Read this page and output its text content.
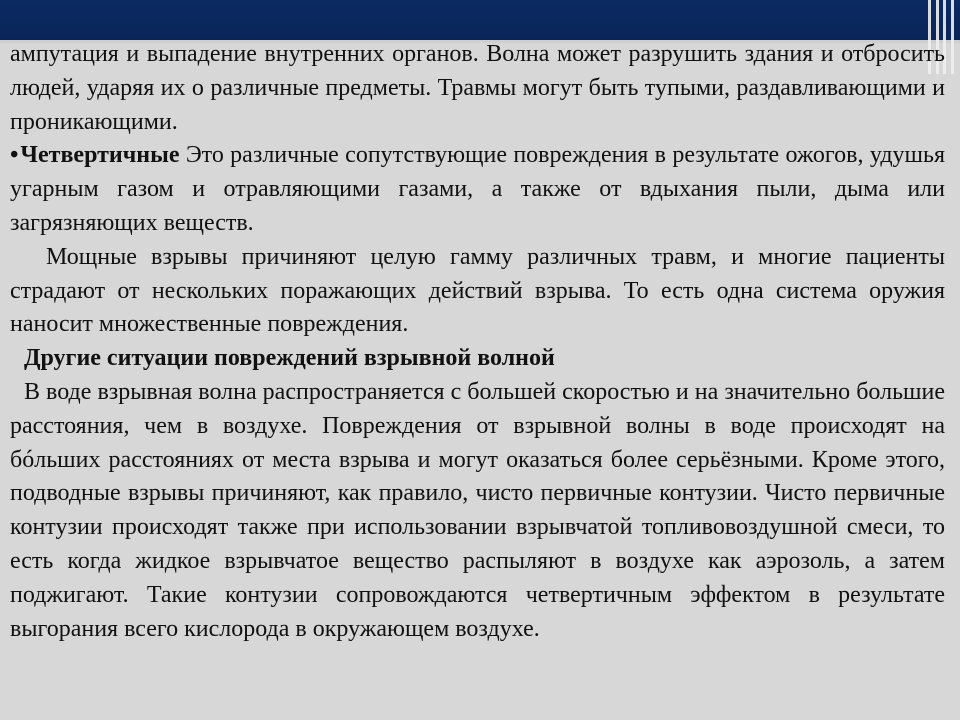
ампутация и выпадение внутренних органов. Волна может разрушить здания и отбросить людей, ударяя их о различные предметы. Травмы могут быть тупыми, раздавливающими и проникающими.

•Четвертичные Это различные сопутствующие повреждения в результате ожогов, удушья угарным газом и отравляющими газами, а также от вдыхания пыли, дыма или загрязняющих веществ.

Мощные взрывы причиняют целую гамму различных травм, и многие пациенты страдают от нескольких поражающих действий взрыва. То есть одна система оружия наносит множественные повреждения.

Другие ситуации повреждений взрывной волной

В воде взрывная волна распространяется с большей скоростью и на значительно большие расстояния, чем в воздухе. Повреждения от взрывной волны в воде происходят на бóльших расстояниях от места взрыва и могут оказаться более серьёзными. Кроме этого, подводные взрывы причиняют, как правило, чисто первичные контузии. Чисто первичные контузии происходят также при использовании взрывчатой топливовоздушной смеси, то есть когда жидкое взрывчатое вещество распыляют в воздухе как аэрозоль, а затем поджигают. Такие контузии сопровождаются четвертичным эффектом в результате выгорания всего кислорода в окружающем воздухе.
